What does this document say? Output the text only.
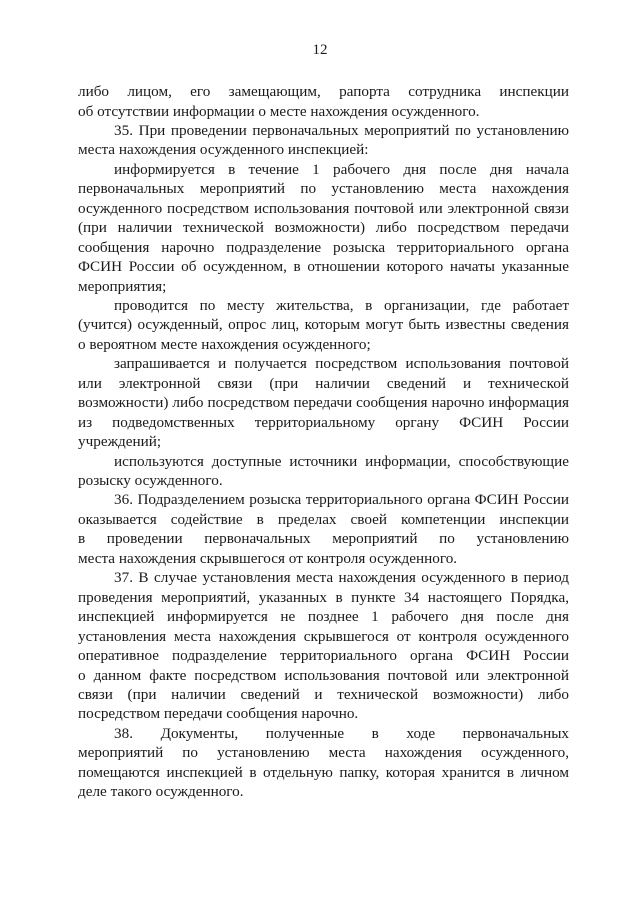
12
либо лицом, его замещающим, рапорта сотрудника инспекции
об отсутствии информации о месте нахождения осужденного.
35. При проведении первоначальных мероприятий по установлению
места нахождения осужденного инспекцией:
информируется в течение 1 рабочего дня после дня начала
первоначальных мероприятий по установлению места нахождения
осужденного посредством использования почтовой или электронной связи
(при наличии технической возможности) либо посредством передачи
сообщения нарочно подразделение розыска территориального органа
ФСИН России об осужденном, в отношении которого начаты указанные
мероприятия;
проводится по месту жительства, в организации, где работает
(учится) осужденный, опрос лиц, которым могут быть известны сведения
о вероятном месте нахождения осужденного;
запрашивается и получается посредством использования почтовой
или электронной связи (при наличии сведений и технической
возможности) либо посредством передачи сообщения нарочно информация
из подведомственных территориальному органу ФСИН России
учреждений;
используются доступные источники информации, способствующие
розыску осужденного.
36. Подразделением розыска территориального органа ФСИН России
оказывается содействие в пределах своей компетенции инспекции
в проведении первоначальных мероприятий по установлению
места нахождения скрывшегося от контроля осужденного.
37. В случае установления места нахождения осужденного в период
проведения мероприятий, указанных в пункте 34 настоящего Порядка,
инспекцией информируется не позднее 1 рабочего дня после дня
установления места нахождения скрывшегося от контроля осужденного
оперативное подразделение территориального органа ФСИН России
о данном факте посредством использования почтовой или электронной
связи (при наличии сведений и технической возможности) либо
посредством передачи сообщения нарочно.
38. Документы, полученные в ходе первоначальных
мероприятий по установлению места нахождения осужденного,
помещаются инспекцией в отдельную папку, которая хранится в личном
деле такого осужденного.
